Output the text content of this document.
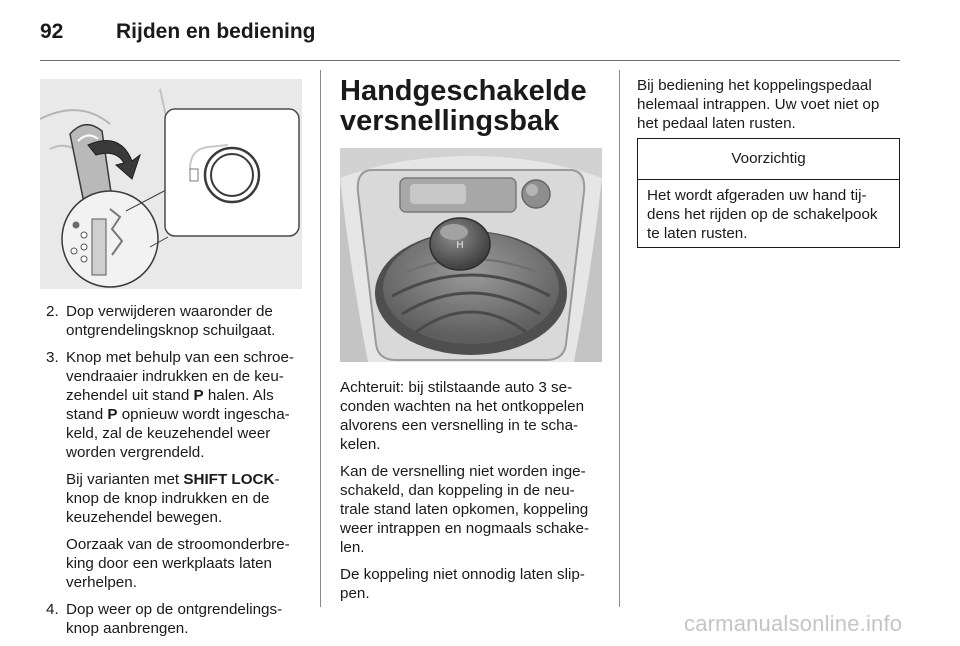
92	Rijden en bediening
2. Dop verwijderen waaronder de ontgrendelingsknop schuilgaat.
3. Knop met behulp van een schroe-vendraaier indrukken en de keu-zehendel uit stand P halen. Als stand P opnieuw wordt ingescha-keld, zal de keuzehendel weer worden vergrendeld.

Bij varianten met SHIFT LOCK-knop de knop indrukken en de keuzehendel bewegen.

Oorzaak van de stroomonderbre-king door een werkplaats laten verhelpen.

4. Dop weer op de ontgrendelings-knop aanbrengen.
Handgeschakelde versnellingsbak
H

Achteruit: bij stilstaande auto 3 se-conden wachten na het ontkoppelen alvorens een versnelling in te scha-kelen.

Kan de versnelling niet worden inge-schakeld, dan koppeling in de neu-trale stand laten opkomen, koppeling weer intrappen en nogmaals schake-len.

De koppeling niet onnodig laten slip-pen.

Bij bediening het koppelingspedaal helemaal intrappen. Uw voet niet op het pedaal laten rusten.

Voorzichtig
Het wordt afgeraden uw hand tij-dens het rijden op de schakelpook te laten rusten.
carmanualsonline.info
